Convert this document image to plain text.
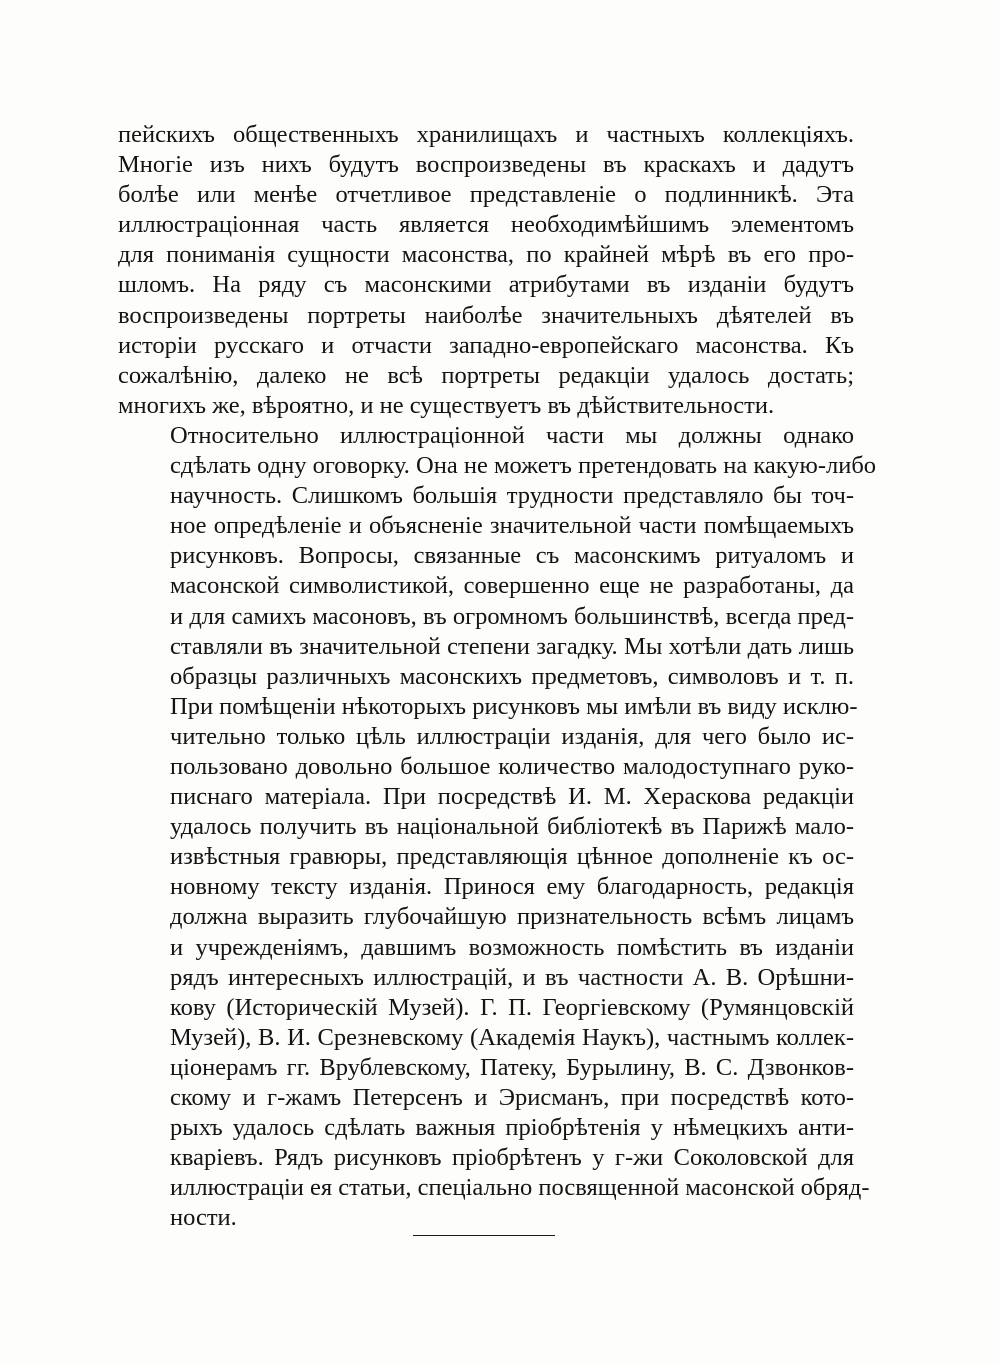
пейскихъ общественныхъ хранилищахъ и частныхъ коллекціяхъ.
Многіе изъ нихъ будутъ воспроизведены въ краскахъ и дадутъ
болѣе или менѣе отчетливое представленіе о подлинникѣ. Эта
иллюстраціонная часть является необходимѣйшимъ элементомъ
для пониманія сущности масонства, по крайней мѣрѣ въ его про-
шломъ. На ряду съ масонскими атрибутами въ изданіи будутъ
воспроизведены портреты наиболѣе значительныхъ дѣятелей въ
исторіи русскаго и отчасти западно-европейскаго масонства. Къ
сожалѣнію, далеко не всѣ портреты редакціи удалось достать;
многихъ же, вѣроятно, и не существуетъ въ дѣйствительности.

Относительно иллюстраціонной части мы должны однако
сдѣлать одну оговорку. Она не можетъ претендовать на какую-либо
научность. Слишкомъ большія трудности представляло бы точ-
ное опредѣленіе и объясненіе значительной части помѣщаемыхъ
рисунковъ. Вопросы, связанные съ масонскимъ ритуаломъ и
масонской символистикой, совершенно еще не разработаны, да
и для самихъ масоновъ, въ огромномъ большинствѣ, всегда пред-
ставляли въ значительной степени загадку. Мы хотѣли дать лишь
образцы различныхъ масонскихъ предметовъ, символовъ и т. п.
При помѣщеніи нѣкоторыхъ рисунковъ мы имѣли въ виду исклю-
чительно только цѣль иллюстраціи изданія, для чего было ис-
пользовано довольно большое количество малодоступнаго руко-
писнаго матеріала. При посредствѣ И. М. Хераскова редакціи
удалось получить въ національной библіотекѣ въ Парижѣ мало-
извѣстныя гравюры, представляющія цѣнное дополненіе къ ос-
новному тексту изданія. Принося ему благодарность, редакція
должна выразить глубочайшую признательность всѣмъ лицамъ
и учрежденіямъ, давшимъ возможность помѣстить въ изданіи
рядъ интересныхъ иллюстрацій, и въ частности А. В. Орѣшни-
кову (Историческій Музей). Г. П. Георгіевскому (Румянцовскій
Музей), В. И. Срезневскому (Академія Наукъ), частнымъ коллек-
ціонерамъ гг. Врублевскому, Патеку, Бурылину, В. С. Дзвонков-
скому и г-жамъ Петерсенъ и Эрисманъ, при посредствѣ кото-
рыхъ удалось сдѣлать важныя пріобрѣтенія у нѣмецкихъ анти-
кваріевъ. Рядъ рисунковъ пріобрѣтенъ у г-жи Соколовской для
иллюстраціи ея статьи, спеціально посвященной масонской обряд-
ности.
